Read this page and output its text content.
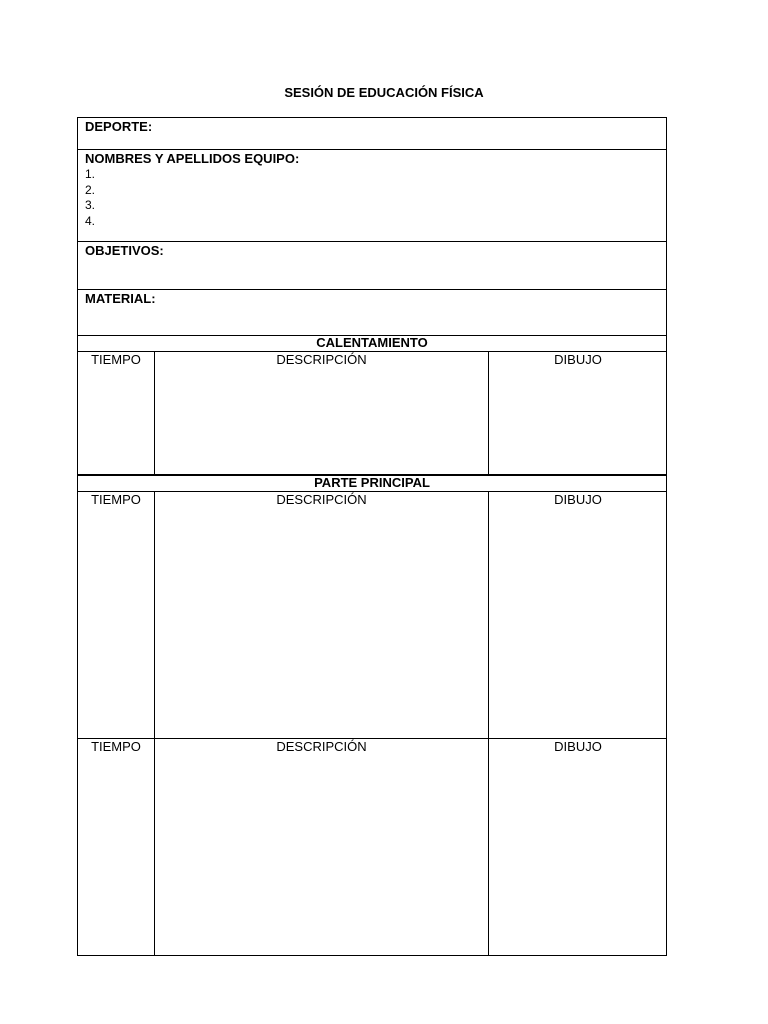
SESIÓN DE EDUCACIÓN FÍSICA
DEPORTE:
NOMBRES Y APELLIDOS EQUIPO:
1.
2.
3.
4.
OBJETIVOS:
MATERIAL:
CALENTAMIENTO
TIEMPO	DESCRIPCIÓN	DIBUJO
PARTE PRINCIPAL
TIEMPO	DESCRIPCIÓN	DIBUJO
TIEMPO	DESCRIPCIÓN	DIBUJO
